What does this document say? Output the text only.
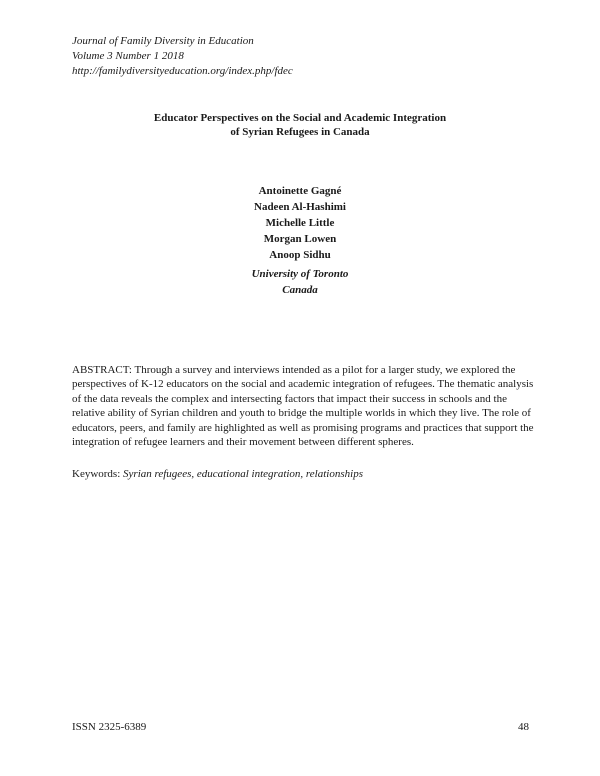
Journal of Family Diversity in Education
Volume 3 Number 1 2018
http://familydiversityeducation.org/index.php/fdec
Educator Perspectives on the Social and Academic Integration
of Syrian Refugees in Canada
Antoinette Gagné
Nadeen Al-Hashimi
Michelle Little
Morgan Lowen
Anoop Sidhu
University of Toronto
Canada
ABSTRACT: Through a survey and interviews intended as a pilot for a larger study, we explored the perspectives of K-12 educators on the social and academic integration of refugees. The thematic analysis of the data reveals the complex and intersecting factors that impact their success in schools and the relative ability of Syrian children and youth to bridge the multiple worlds in which they live. The role of educators, peers, and family are highlighted as well as promising programs and practices that support the integration of refugee learners and their movement between different spheres.
Keywords: Syrian refugees, educational integration, relationships
ISSN 2325-6389	48
